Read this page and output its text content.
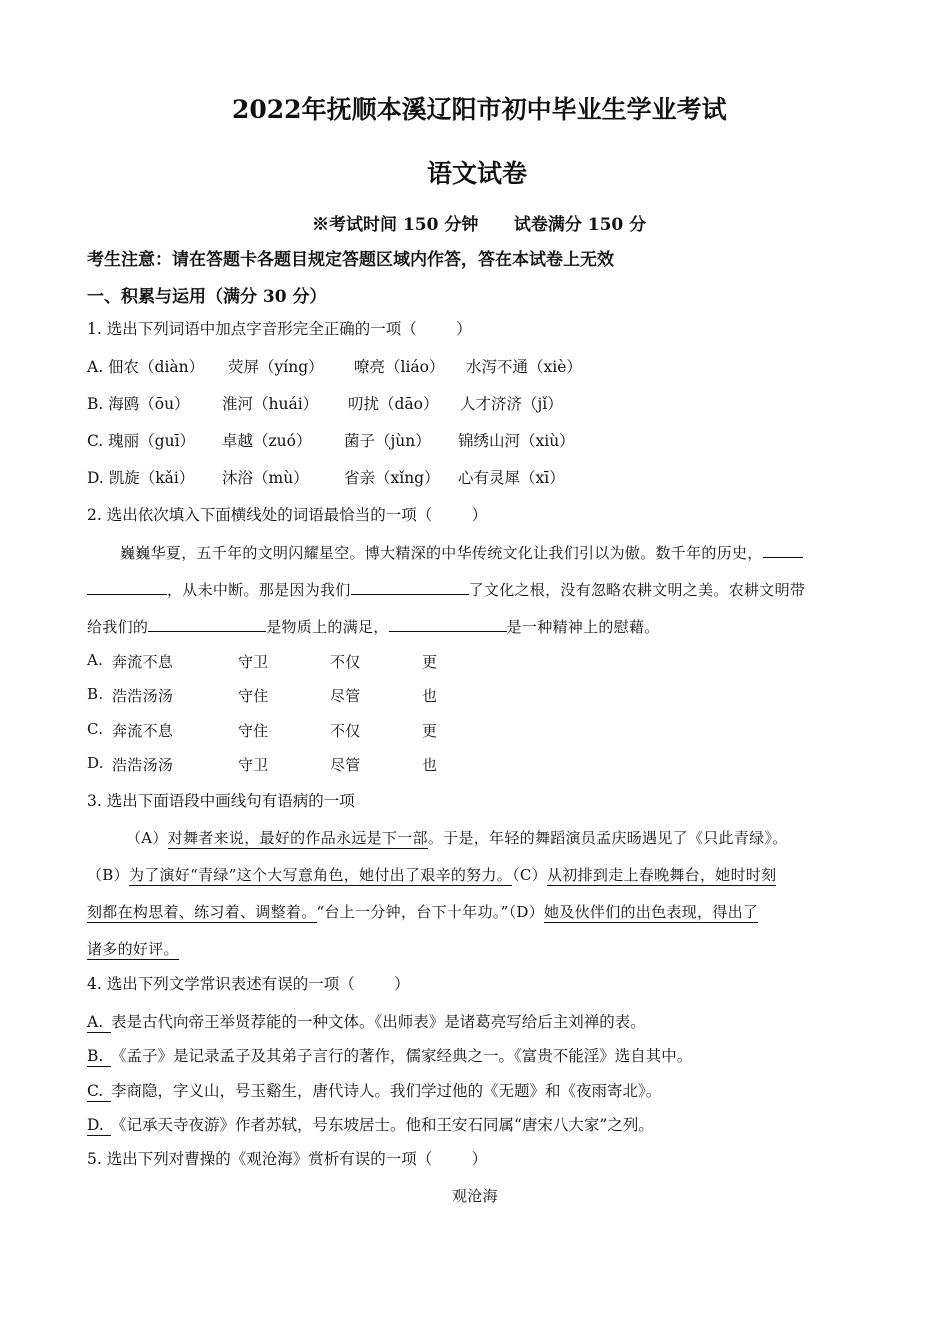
2022年抚顺本溪辽阳市初中毕业生学业考试
语文试卷
※考试时间 150 分钟      试卷满分 150 分
考生注意：请在答题卡各题目规定答题区域内作答，答在本试卷上无效
一、积累与运用（满分 30 分）
1. 选出下列词语中加点字音形完全正确的一项（        ）
A. 佃农（diàn） 荧屏（yíng） 嘹亮（liáo） 水泻不通（xiè）
B. 海鸥（ōu） 淮河（huái） 叨扰（dāo） 人才济济（jǐ）
C. 瑰丽（guī） 卓越（zuó） 菌子（jùn） 锦绣山河（xiù）
D. 凯旋（kǎi） 沐浴（mù） 省亲（xǐng） 心有灵犀（xī）
2. 选出依次填入下面横线处的词语最恰当的一项（        ）
巍巍华夏，五千年的文明闪耀星空。博大精深的中华传统文化让我们引以为傲。数千年的历史，
，从未中断。那是因为我们	了文化之根，没有忽略农耕文明之美。农耕文明带
给我们的	是物质上的满足，	是一种精神上的慰藉。
A. 奔流不息	守卫	不仅	更
B. 浩浩汤汤	守住	尽管	也
C. 奔流不息	守住	不仅	更
D. 浩浩汤汤	守卫	尽管	也
3. 选出下面语段中画线句有语病的一项
（A）对舞者来说，最好的作品永远是下一部。于是，年轻的舞蹈演员孟庆旸遇见了《只此青绿》。
（B）为了演好“青绿”这个大写意角色，她付出了艰辛的努力。（C）从初排到走上春晚舞台，她时时刻
刻都在构思着、练习着、调整着。“台上一分钟，台下十年功。”（D）她及伙伴们的出色表现，得出了
诸多的好评。
4. 选出下列文学常识表述有误的一项（        ）
A. 表是古代向帝王举贤荐能的一种文体。《出师表》是诸葛亮写给后主刘禅的表。
B. 《孟子》是记录孟子及其弟子言行的著作，儒家经典之一。《富贵不能淫》选自其中。
C. 李商隐，字义山，号玉谿生，唐代诗人。我们学过他的《无题》和《夜雨寄北》。
D. 《记承天寺夜游》作者苏轼，号东坡居士。他和王安石同属“唐宋八大家”之列。
5. 选出下列对曹操的《观沧海》赏析有误的一项（        ）
观沧海
